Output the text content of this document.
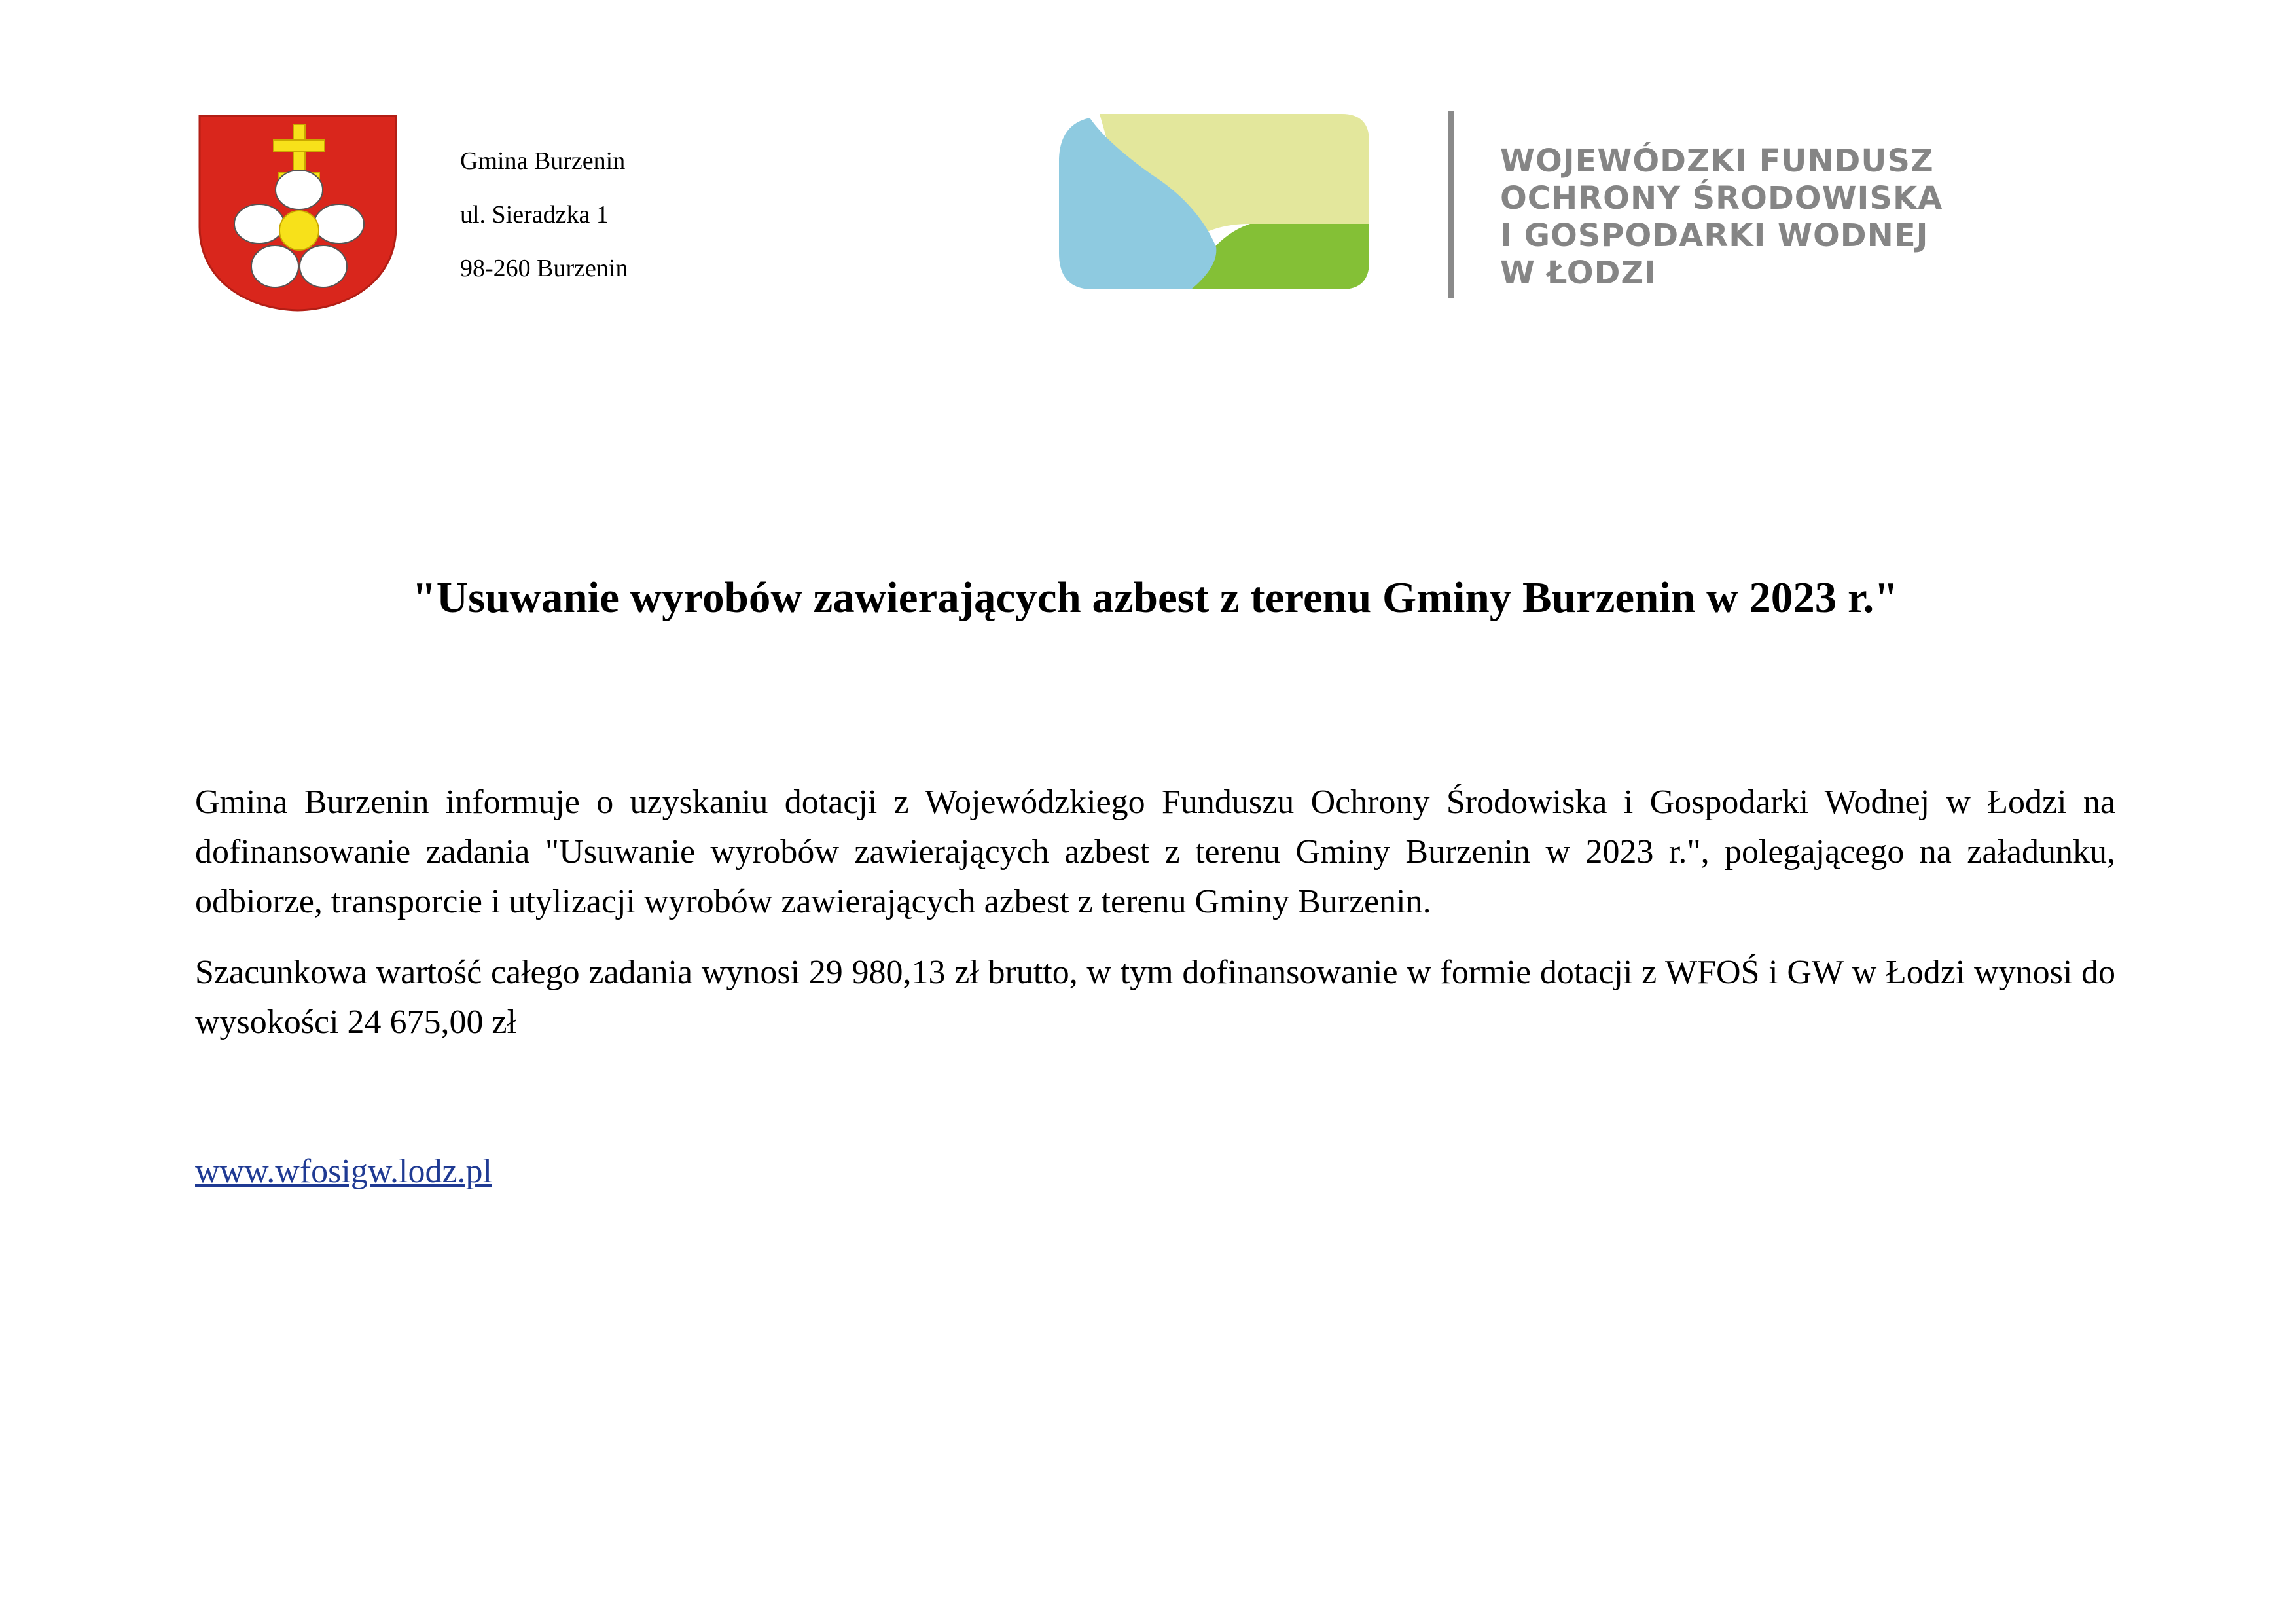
Gmina Burzenin
ul. Sieradzka 1
98-260 Burzenin
WOJEWÓDZKI FUNDUSZ
OCHRONY ŚRODOWISKA
I GOSPODARKI WODNEJ
W ŁODZI
"Usuwanie wyrobów zawierających azbest z terenu Gminy Burzenin w 2023 r."

Gmina Burzenin informuje o uzyskaniu dotacji z Wojewódzkiego Funduszu Ochrony Środowiska i Gospodarki Wodnej w Łodzi na dofinansowanie zadania "Usuwanie wyrobów zawierających azbest z terenu Gminy Burzenin w 2023 r.", polegającego na załadunku, odbiorze, transporcie i utylizacji wyrobów zawierających azbest z terenu Gminy Burzenin.

Szacunkowa wartość całego zadania wynosi 29 980,13 zł brutto, w tym dofinansowanie w formie dotacji z WFOŚ i GW w Łodzi wynosi do wysokości 24 675,00 zł

www.wfosigw.lodz.pl
